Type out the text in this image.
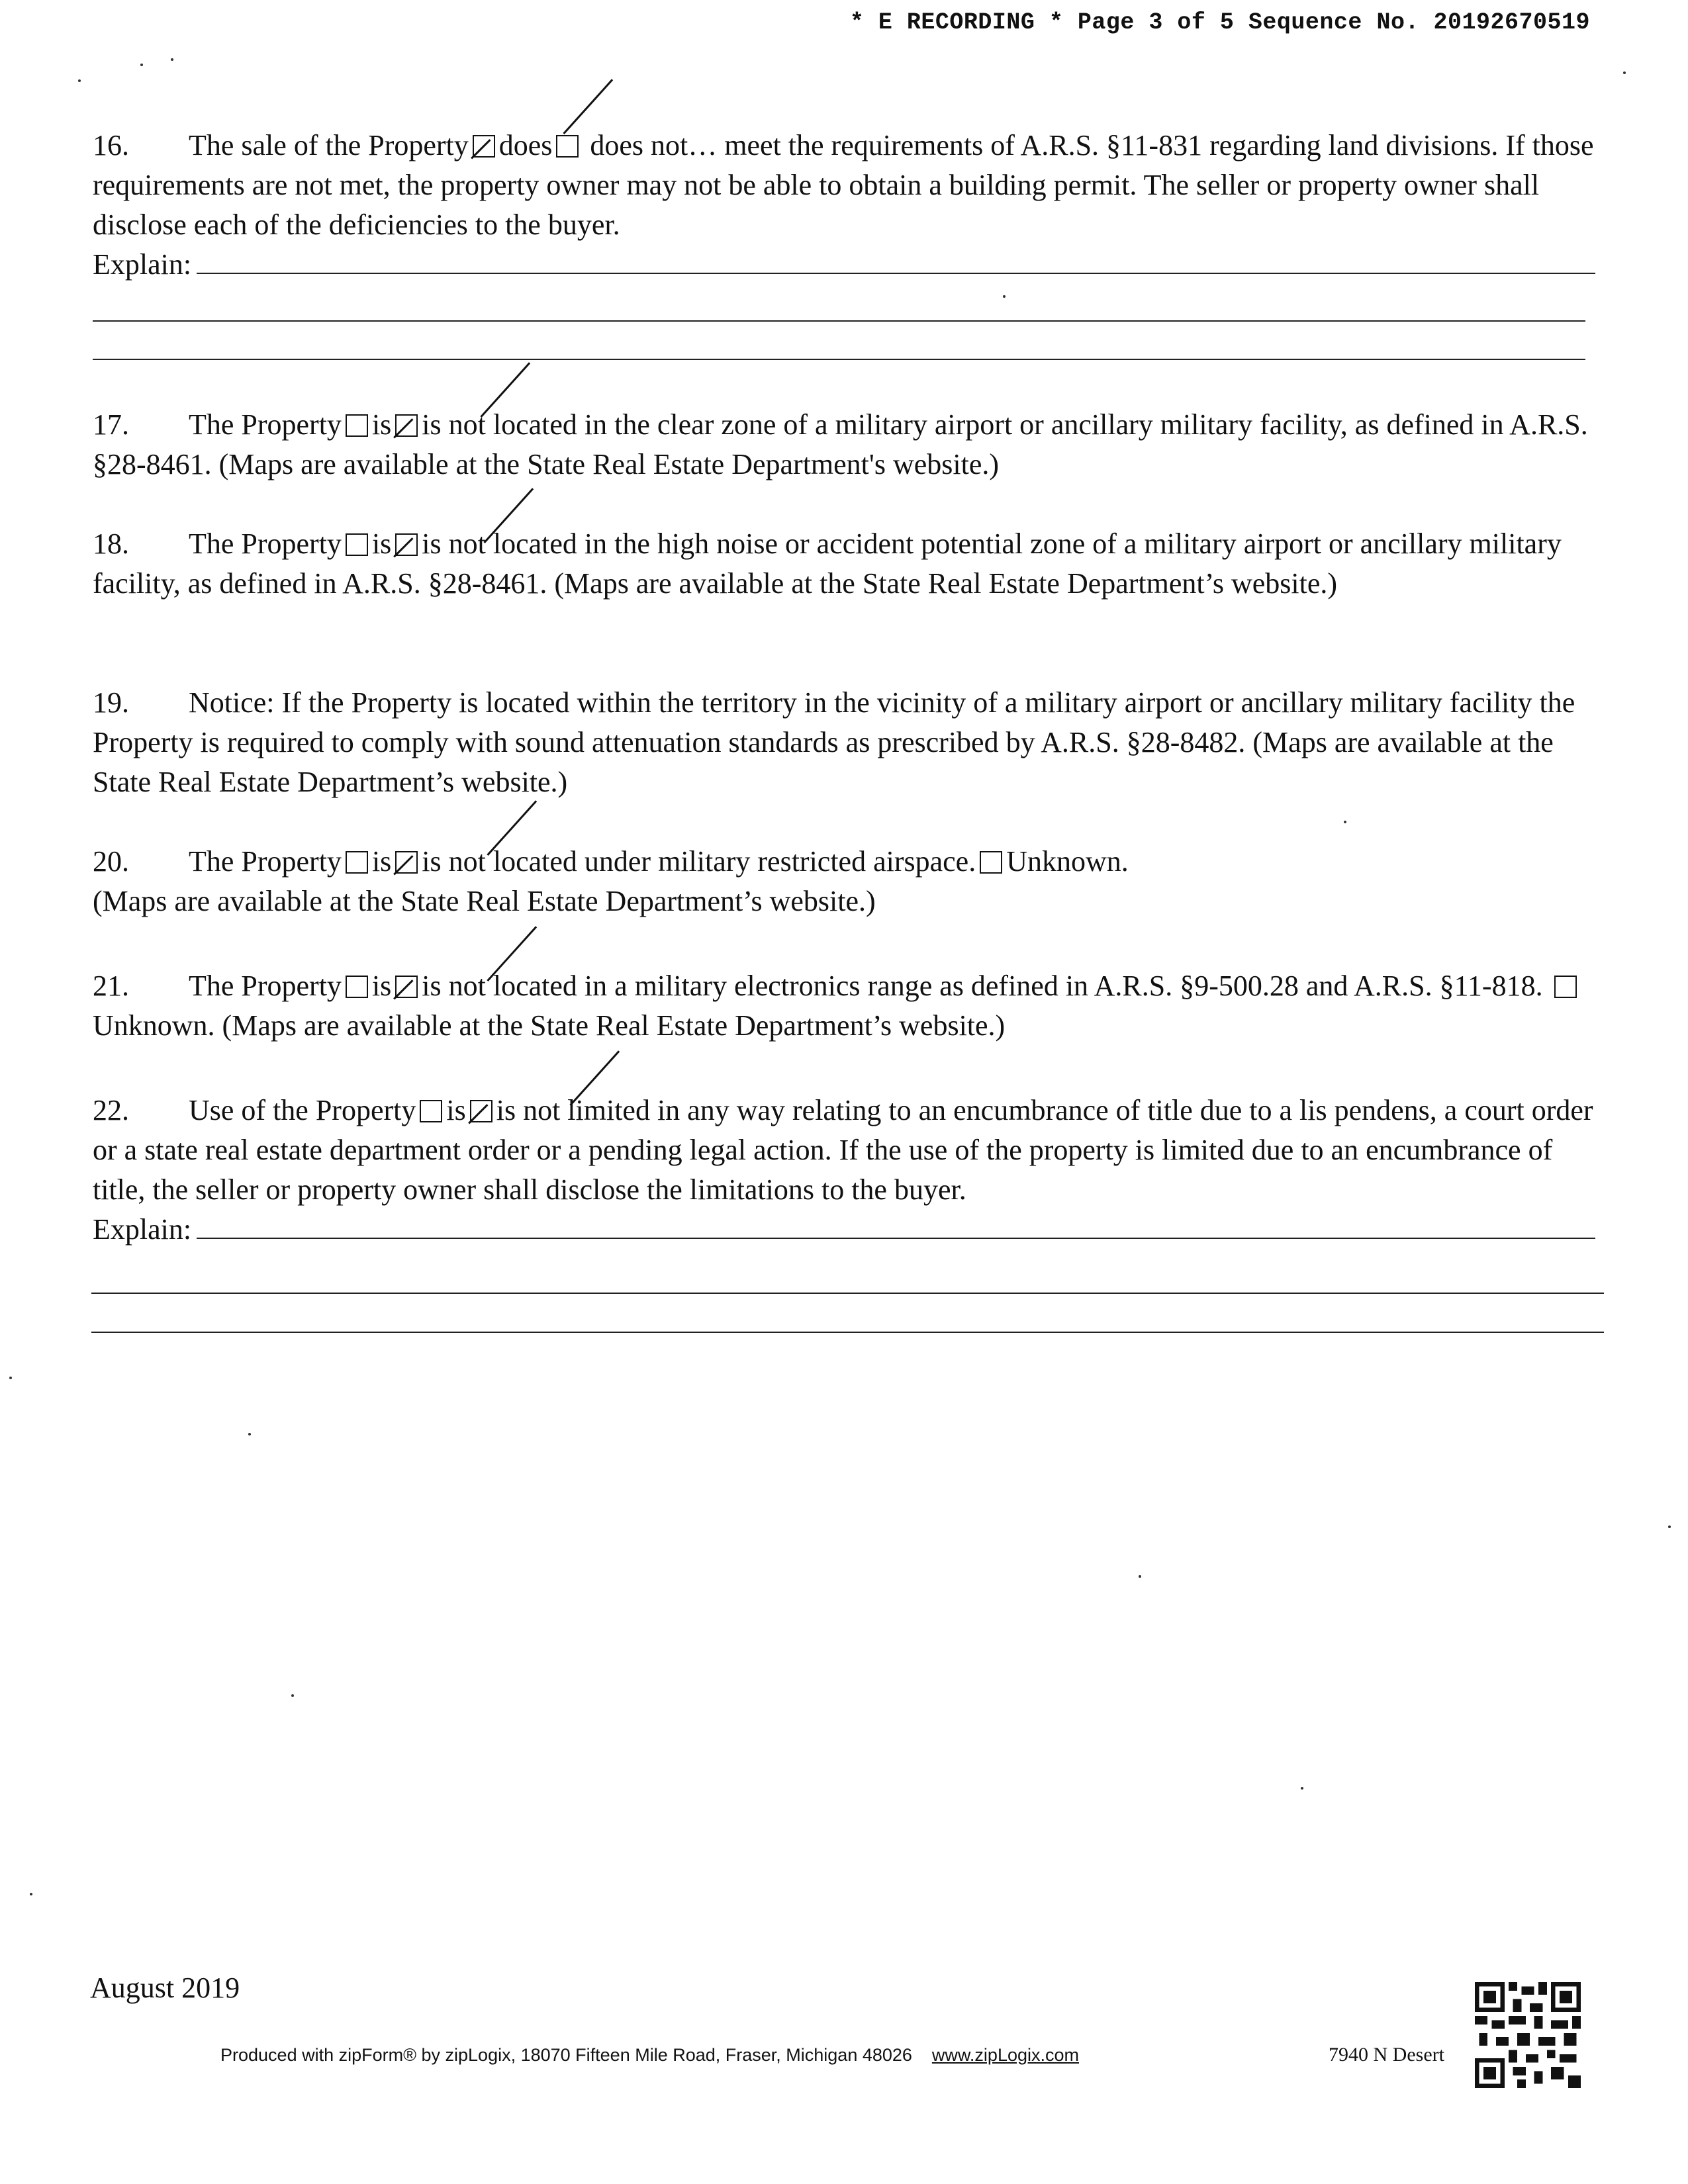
* E RECORDING * Page 3 of 5 Sequence No. 20192670519
16. The sale of the Property does does not… meet the requirements of A.R.S. §11-831 regarding land divisions. If those requirements are not met, the property owner may not be able to obtain a building permit. The seller or property owner shall disclose each of the deficiencies to the buyer.
Explain:
17. The Property is is not located in the clear zone of a military airport or ancillary military facility, as defined in A.R.S. §28-8461. (Maps are available at the State Real Estate Department's website.)
18. The Property is is not located in the high noise or accident potential zone of a military airport or ancillary military facility, as defined in A.R.S. §28-8461. (Maps are available at the State Real Estate Department’s website.)
19. Notice: If the Property is located within the territory in the vicinity of a military airport or ancillary military facility the Property is required to comply with sound attenuation standards as prescribed by A.R.S. §28-8482. (Maps are available at the State Real Estate Department’s website.)
20. The Property is is not located under military restricted airspace. Unknown.
(Maps are available at the State Real Estate Department’s website.)
21. The Property is is not located in a military electronics range as defined in A.R.S. §9-500.28 and A.R.S. §11-818. Unknown. (Maps are available at the State Real Estate Department’s website.)
22. Use of the Property is is not limited in any way relating to an encumbrance of title due to a lis pendens, a court order or a state real estate department order or a pending legal action. If the use of the property is limited due to an encumbrance of title, the seller or property owner shall disclose the limitations to the buyer.
Explain:
August 2019
Produced with zipForm® by zipLogix, 18070 Fifteen Mile Road, Fraser, Michigan 48026 www.zipLogix.com	7940 N Desert
